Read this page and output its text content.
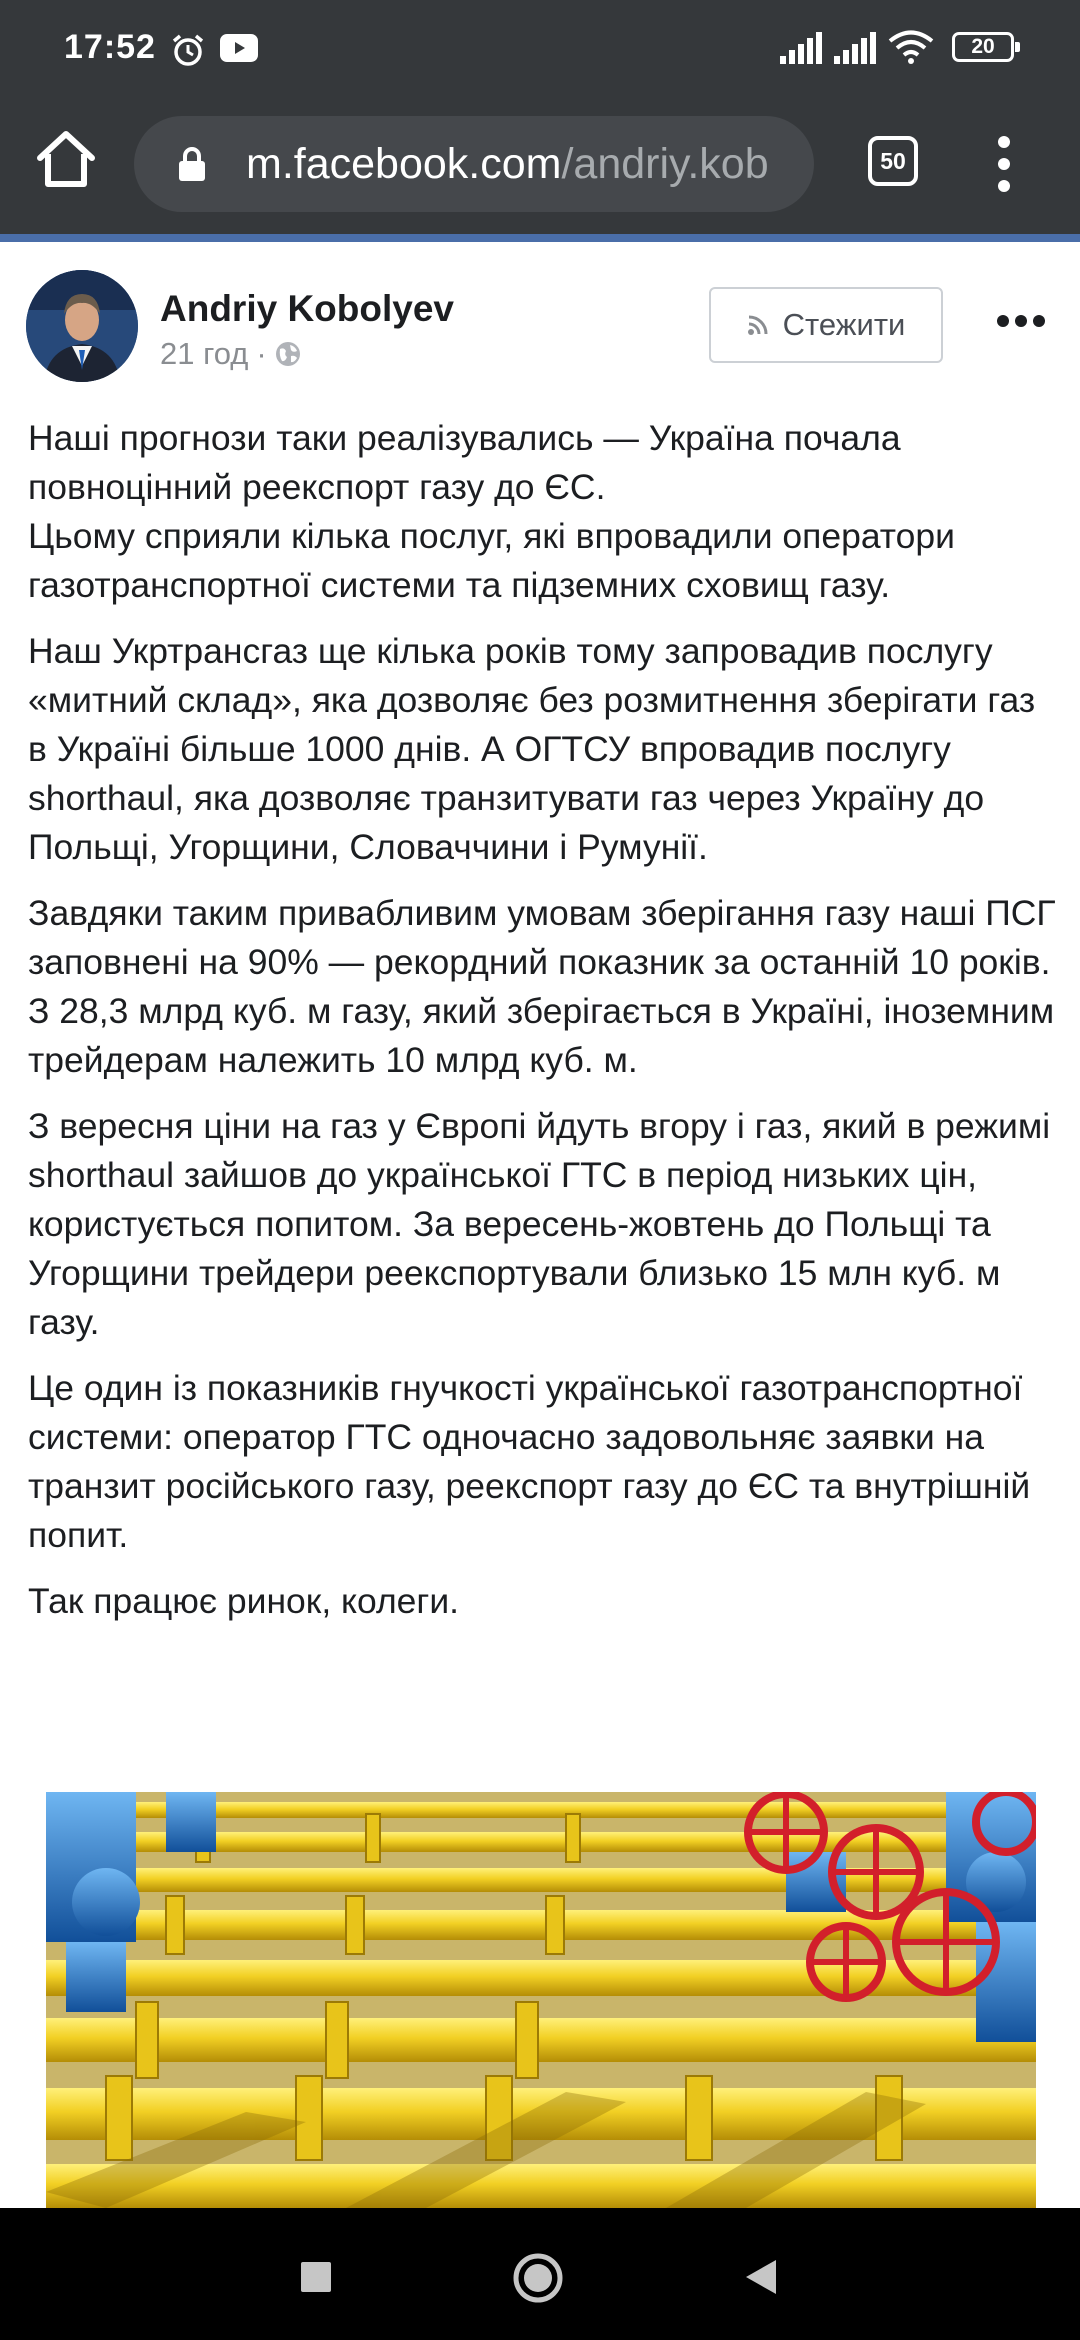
17:52	20
m.facebook.com/andriy.kob	50
Andriy Kobolyev
21 год ·
Стежити

Наші прогнози таки реалізувались — Україна почала повноцінний реекспорт газу до ЄС.
Цьому сприяли кілька послуг, які впровадили оператори газотранспортної системи та підземних сховищ газу.

Наш Укртрансгаз ще кілька років тому запровадив послугу «митний склад», яка дозволяє без розмитнення зберігати газ в Україні більше 1000 днів. А ОГТСУ впровадив послугу shorthaul, яка дозволяє транзитувати газ через Україну до Польщі, Угорщини, Словаччини і Румунії.

Завдяки таким привабливим умовам зберігання газу наші ПСГ заповнені на 90% — рекордний показник за останній 10 років. З 28,3 млрд куб. м газу, який зберігається в Україні, іноземним трейдерам належить 10 млрд куб. м.

З вересня ціни на газ у Європі йдуть вгору і газ, який в режимі shorthaul зайшов до української ГТС в період низьких цін, користується попитом. За вересень-жовтень до Польщі та Угорщини трейдери реекспортували близько 15 млн куб. м газу.

Це один із показників гнучкості української газотранспортної системи: оператор ГТС одночасно задовольняє заявки на транзит російського газу, реекспорт газу до ЄС та внутрішній попит.

Так працює ринок, колеги.
